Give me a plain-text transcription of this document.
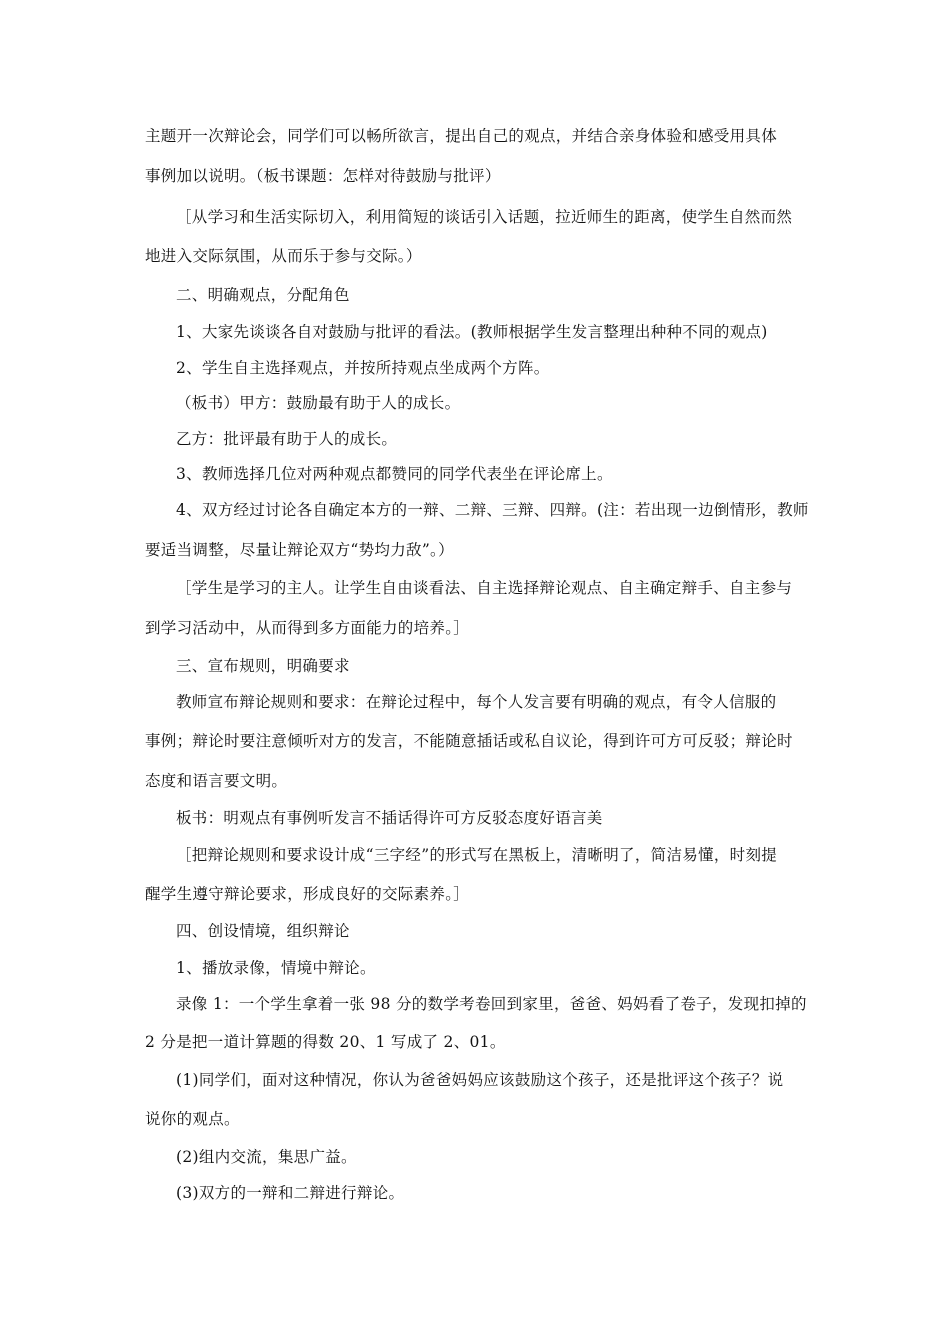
主题开一次辩论会，同学们可以畅所欲言，提出自己的观点，并结合亲身体验和感受用具体
事例加以说明。（板书课题：怎样对待鼓励与批评）
［从学习和生活实际切入，利用简短的谈话引入话题，拉近师生的距离，使学生自然而然
地进入交际氛围，从而乐于参与交际。）
二、明确观点，分配角色
1、大家先谈谈各自对鼓励与批评的看法。(教师根据学生发言整理出种种不同的观点)
2、学生自主选择观点，并按所持观点坐成两个方阵。
（板书）甲方：鼓励最有助于人的成长。
乙方：批评最有助于人的成长。
3、教师选择几位对两种观点都赞同的同学代表坐在评论席上。
4、双方经过讨论各自确定本方的一辩、二辩、三辩、四辩。(注：若出现一边倒情形，教师
要适当调整，尽量让辩论双方“势均力敌”。）
［学生是学习的主人。让学生自由谈看法、自主选择辩论观点、自主确定辩手、自主参与
到学习活动中，从而得到多方面能力的培养。］
三、宣布规则，明确要求
教师宣布辩论规则和要求：在辩论过程中，每个人发言要有明确的观点，有令人信服的
事例；辩论时要注意倾听对方的发言，不能随意插话或私自议论，得到许可方可反驳；辩论时
态度和语言要文明。
板书：明观点有事例听发言不插话得许可方反驳态度好语言美
［把辩论规则和要求设计成“三字经”的形式写在黑板上，清晰明了，简洁易懂，时刻提
醒学生遵守辩论要求，形成良好的交际素养。］
四、创设情境，组织辩论
1、播放录像，情境中辩论。
录像 1：一个学生拿着一张 98 分的数学考卷回到家里，爸爸、妈妈看了卷子，发现扣掉的
2 分是把一道计算题的得数 20、1 写成了 2、01。
(1)同学们，面对这种情况，你认为爸爸妈妈应该鼓励这个孩子，还是批评这个孩子？说
说你的观点。
(2)组内交流，集思广益。
(3)双方的一辩和二辩进行辩论。
